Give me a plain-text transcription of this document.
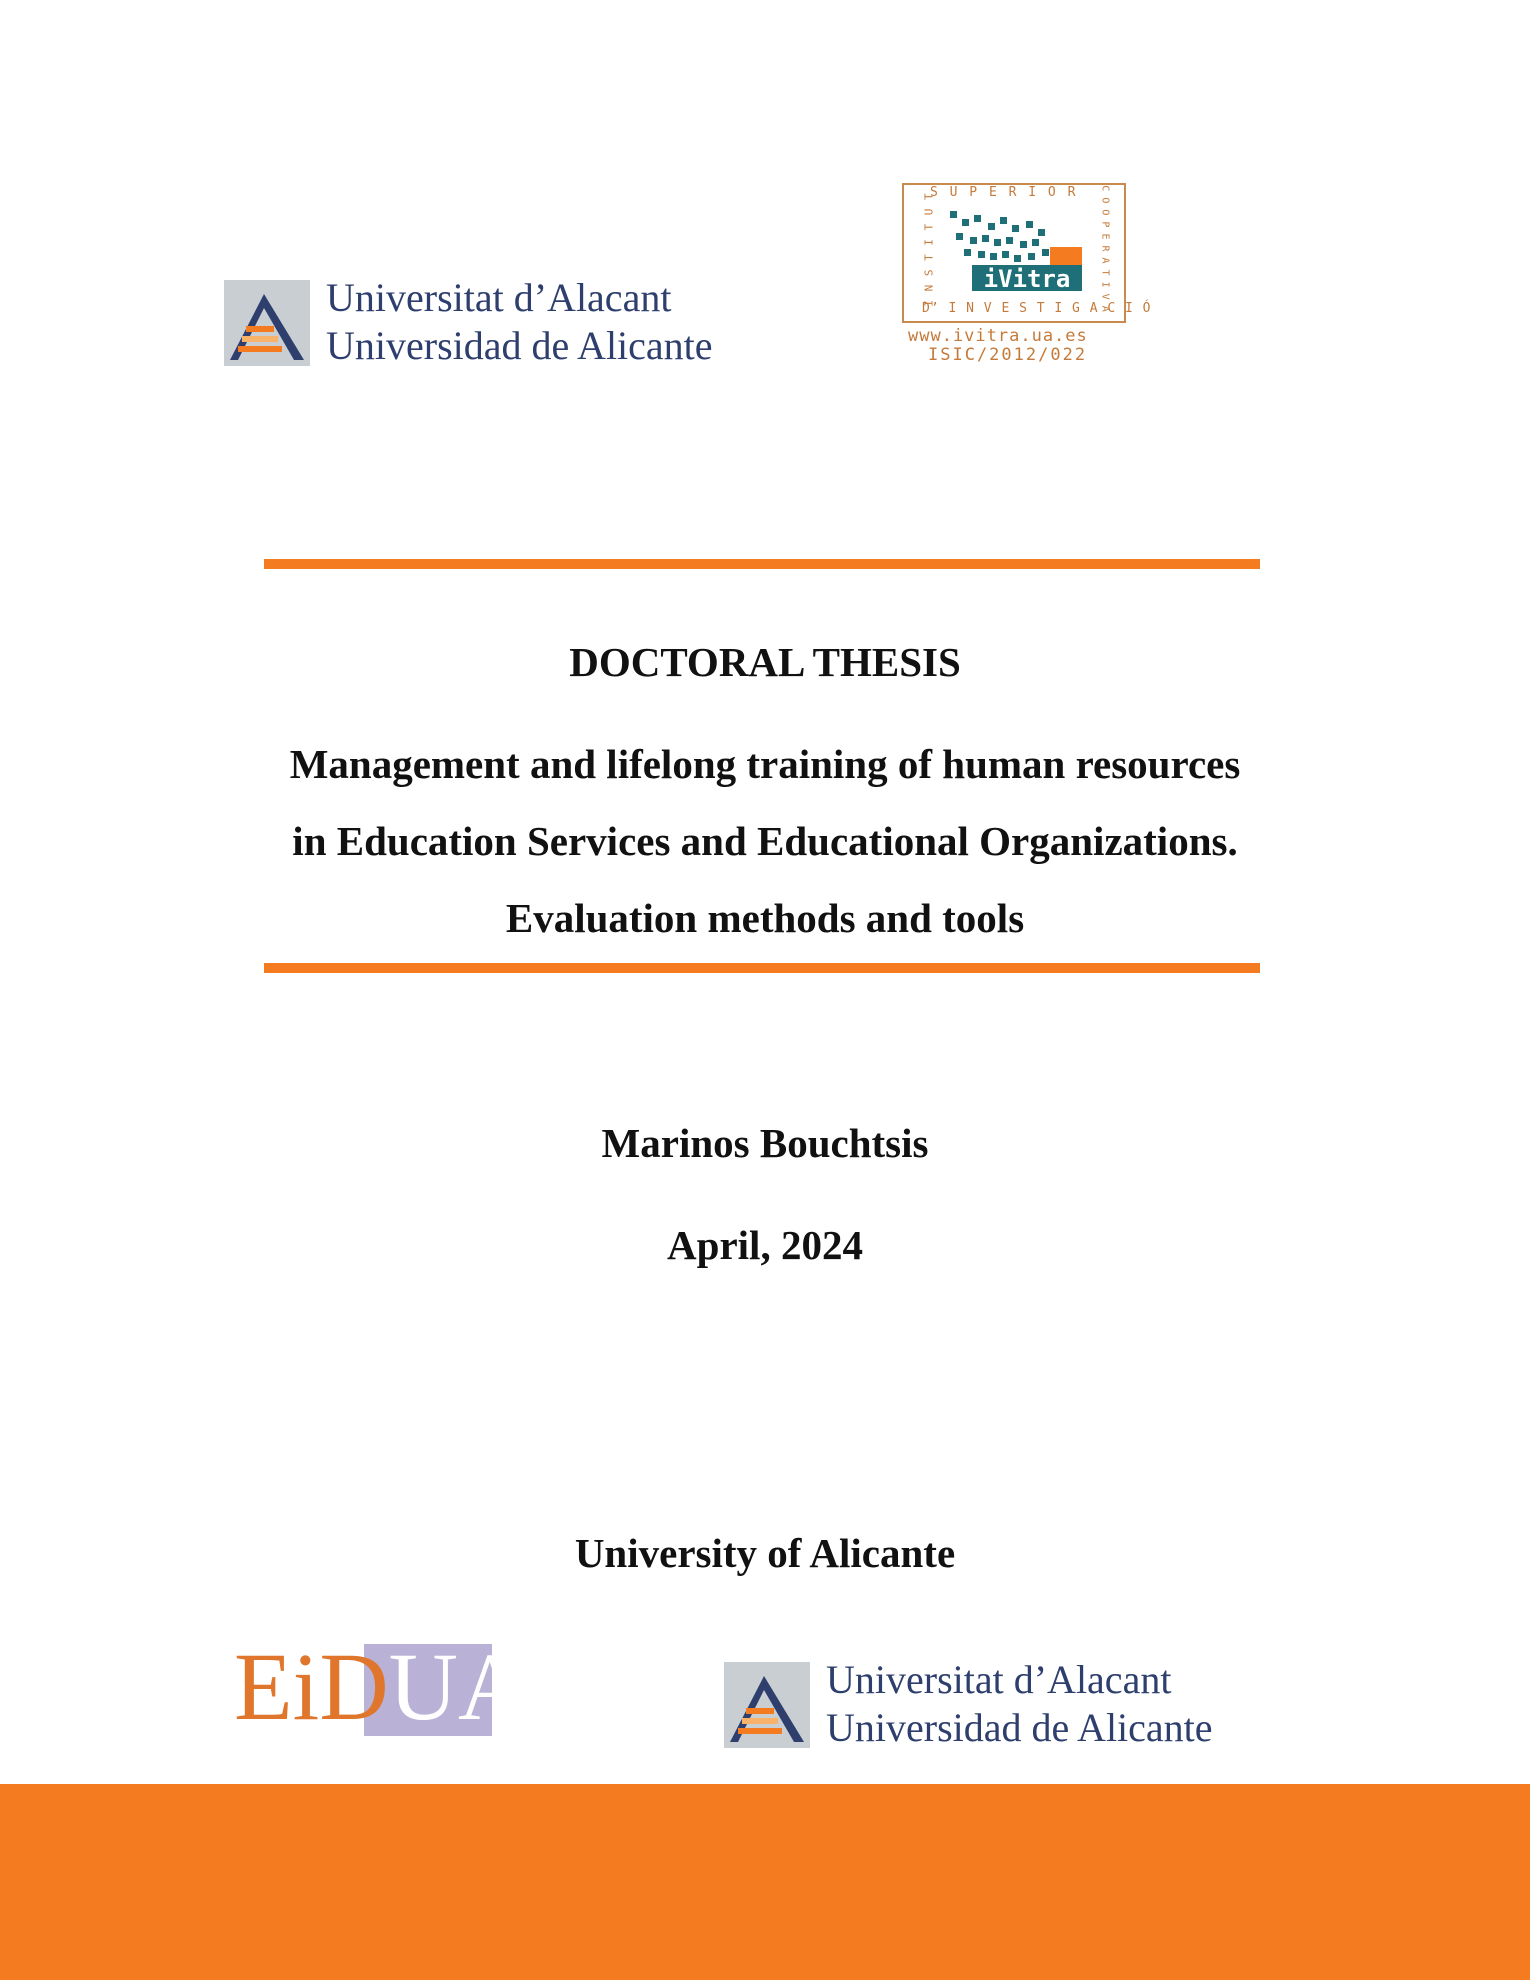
Universitat d’Alacant
Universidad de Alicante
S U P E R I O R
I N S T I T U T	C O O P E R A T I V A
D’ I N V E S T I G A C I Ó
iVitra
www.ivitra.ua.es
ISIC/2012/022
DOCTORAL THESIS
Management and lifelong training of human resources
in Education Services and Educational Organizations.
Evaluation methods and tools
Marinos Bouchtsis
April, 2024
University of Alicante
EiDUA	Universitat d’Alacant
Universidad de Alicante
